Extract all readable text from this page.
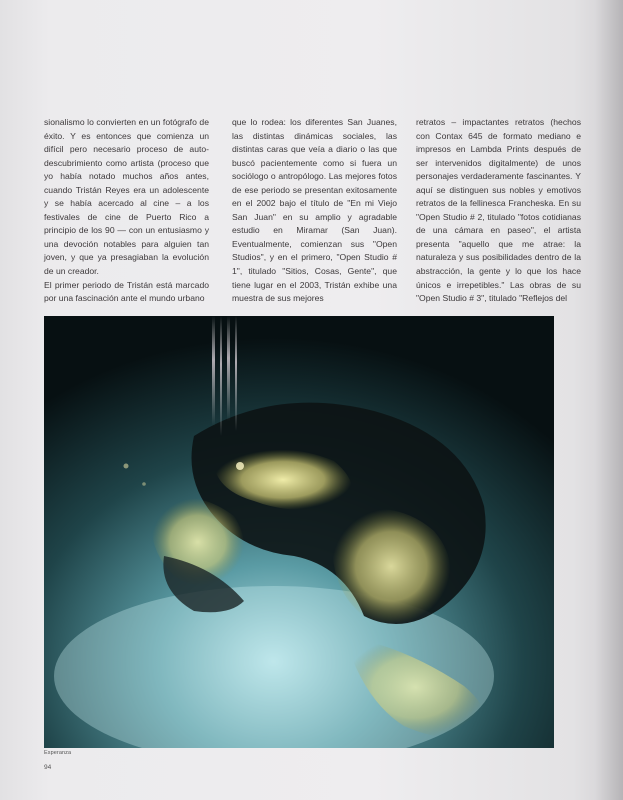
sionalismo lo convierten en un fotógrafo de éxito. Y es entonces que comienza un difícil pero necesario proceso de auto-descubrimiento como artista (proceso que yo había notado muchos años antes, cuando Tristán Reyes era un adolescente y se había acercado al cine – a los festivales de cine de Puerto Rico a principio de los 90 — con un entusiasmo y una devoción notables para alguien tan joven, y que ya presagiaban la evolución de un creador.

El primer periodo de Tristán está marcado por una fascinación ante el mundo urbano

que lo rodea: los diferentes San Juanes, las distintas dinámicas sociales, las distintas caras que veía a diario o las que buscó pacientemente como si fuera un sociólogo o antropólogo. Las mejores fotos de ese periodo se presentan exitosamente en el 2002 bajo el título de "En mi Viejo San Juan" en su amplio y agradable estudio en Miramar (San Juan). Eventualmente, comienzan sus "Open Studios", y en el primero, "Open Studio # 1", titulado "Sitios, Cosas, Gente", que tiene lugar en el 2003, Tristán exhibe una muestra de sus mejores

retratos – impactantes retratos (hechos con Contax 645 de formato mediano e impresos en Lambda Prints después de ser intervenidos digitalmente) de unos personajes verdaderamente fascinantes. Y aquí se distinguen sus nobles y emotivos retratos de la fellinesca Francheska. En su "Open Studio # 2, titulado "fotos cotidianas de una cámara en paseo", el artista presenta "aquello que me atrae: la naturaleza y sus posibilidades dentro de la abstracción, la gente y lo que los hace únicos e irrepetibles." Las obras de su "Open Studio # 3", titulado "Reflejos del

Esperanza
94
